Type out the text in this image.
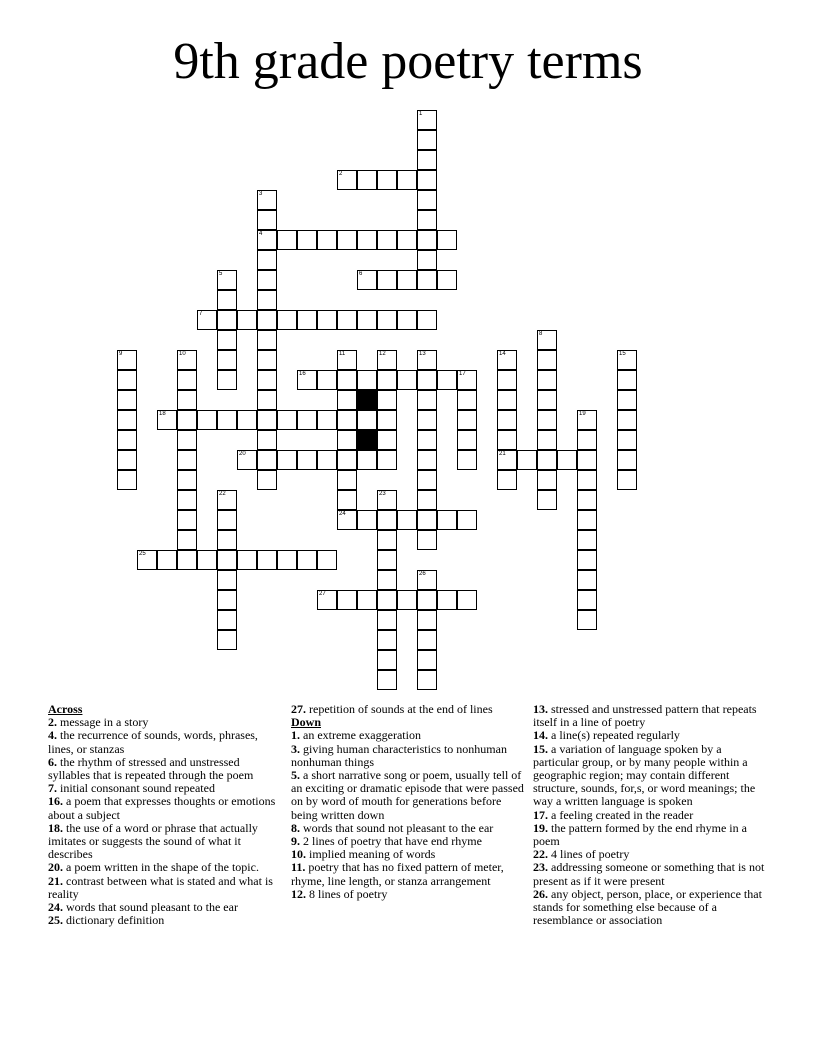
9th grade poetry terms
1
2
3
4
5	6
7
8
9	10	11	12	13	14
21
15
16	17
18	19
20
22	23
24
25
26
27
Across
2. message in a story
4. the recurrence of sounds, words, phrases, lines, or stanzas
6. the rhythm of stressed and unstressed syllables that is repeated through the poem
7. initial consonant sound repeated
16. a poem that expresses thoughts or emotions about a subject
18. the use of a word or phrase that actually imitates or suggests the sound of what it describes
20. a poem written in the shape of the topic.
21. contrast between what is stated and what is reality
24. words that sound pleasant to the ear
25. dictionary definition
27. repetition of sounds at the end of lines
Down
1. an extreme exaggeration
3. giving human characteristics to nonhuman nonhuman things
5. a short narrative song or poem, usually tell of an exciting or dramatic episode that were passed on by word of mouth for generations before being written down
8. words that sound not pleasant to the ear
9. 2 lines of poetry that have end rhyme
10. implied meaning of words
11. poetry that has no fixed pattern of meter, rhyme, line length, or stanza arrangement
12. 8 lines of poetry
13. stressed and unstressed pattern that repeats itself in a line of poetry
14. a line(s) repeated regularly
15. a variation of language spoken by a particular group, or by many people within a geographic region; may contain different structure, sounds, for,s, or word meanings; the way a written language is spoken
17. a feeling created in the reader
19. the pattern formed by the end rhyme in a poem
22. 4 lines of poetry
23. addressing someone or something that is not present as if it were present
26. any object, person, place, or experience that stands for something else because of a resemblance or association
